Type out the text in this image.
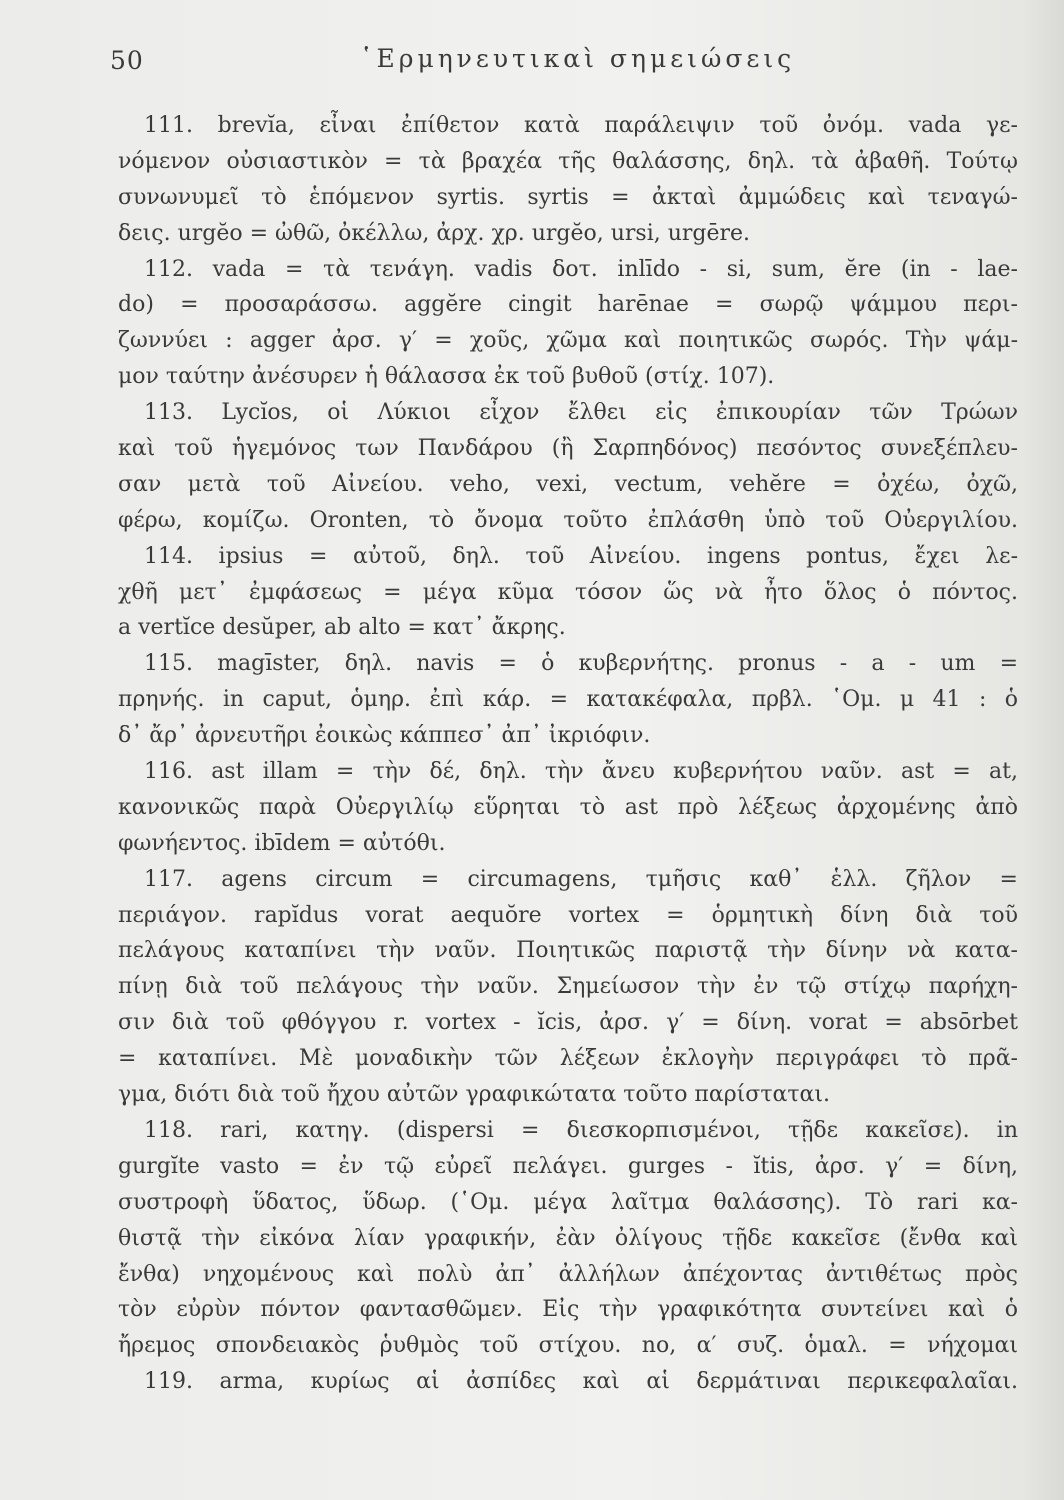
50	῾Ερμηνευτικαὶ σημειώσεις
111. brevĭa, εἶναι ἐπίθετον κατὰ παράλειψιν τοῦ ὀνόμ. vada γε-
νόμενον οὐσιαστικὸν = τὰ βραχέα τῆς θαλάσσης, δηλ. τὰ ἀβαθῆ. Τούτῳ
συνωνυμεῖ τὸ ἑπόμενον syrtis. syrtis = ἀκταὶ ἀμμώδεις καὶ τεναγώ-
δεις. urgĕo = ὠθῶ, ὀκέλλω, ἀρχ. χρ. urgĕo, ursi, urgēre.
112. vada = τὰ τενάγη. vadis δοτ. inlīdo - si, sum, ĕre (in - lae-
do) = προσαράσσω. aggĕre cingit harēnae = σωρῷ ψάμμου περι-
ζωννύει : agger ἀρσ. γ′ = χοῦς, χῶμα καὶ ποιητικῶς σωρός. Τὴν ψάμ-
μον ταύτην ἀνέσυρεν ἡ θάλασσα ἐκ τοῦ βυθοῦ (στίχ. 107).
113. Lycĭos, οἱ Λύκιοι εἶχον ἔλθει εἰς ἐπικουρίαν τῶν Τρώων
καὶ τοῦ ἡγεμόνος των Πανδάρου (ἢ Σαρπηδόνος) πεσόντος συνεξέπλευ-
σαν μετὰ τοῦ Αἰνείου. veho, vexi, vectum, vehĕre = ὀχέω, ὀχῶ,
φέρω, κομίζω. Oronten, τὸ ὄνομα τοῦτο ἐπλάσθη ὑπὸ τοῦ Οὐεργιλίου.
114. ipsius = αὐτοῦ, δηλ. τοῦ Αἰνείου. ingens pontus, ἔχει λε-
χθῆ μετ᾿ ἐμφάσεως = μέγα κῦμα τόσον ὥς νὰ ἦτο ὅλος ὁ πόντος.
a vertĭce desŭper, ab alto = κατ᾿ ἄκρης.
115. magīster, δηλ. navis = ὁ κυβερνήτης. pronus - a - um =
πρηνής. in caput, ὁμηρ. ἐπὶ κάρ. = κατακέφαλα, πρβλ. ῾Ομ. μ 41 : ὁ
δ᾿ ἄρ᾿ ἀρνευτῆρι ἐοικὼς κάππεσ᾿ ἀπ᾿ ἰκριόφιν.
116. ast illam = τὴν δέ, δηλ. τὴν ἄνευ κυβερνήτου ναῦν. ast = at,
κανονικῶς παρὰ Οὐεργιλίῳ εὕρηται τὸ ast πρὸ λέξεως ἀρχομένης ἀπὸ
φωνήεντος. ibīdem = αὐτόθι.
117. agens circum = circumagens, τμῆσις καθ᾿ ἑλλ. ζῆλον =
περιάγον. rapĭdus vorat aequŏre vortex = ὁρμητικὴ δίνη διὰ τοῦ
πελάγους καταπίνει τὴν ναῦν. Ποιητικῶς παριστᾷ τὴν δίνην νὰ κατα-
πίνῃ διὰ τοῦ πελάγους τὴν ναῦν. Σημείωσον τὴν ἐν τῷ στίχῳ παρήχη-
σιν διὰ τοῦ φθόγγου r. vortex - ĭcis, ἀρσ. γ′ = δίνη. vorat = absōrbet
= καταπίνει. Μὲ μοναδικὴν τῶν λέξεων ἐκλογὴν περιγράφει τὸ πρᾶ-
γμα, διότι διὰ τοῦ ἤχου αὐτῶν γραφικώτατα τοῦτο παρίσταται.
118. rari, κατηγ. (dispersi = διεσκορπισμένοι, τῇδε κακεῖσε). in
gurgĭte vasto = ἐν τῷ εὐρεῖ πελάγει. gurges - ĭtis, ἀρσ. γ′ = δίνη,
συστροφὴ ὕδατος, ὕδωρ. (῾Ομ. μέγα λαῖτμα θαλάσσης). Τὸ rari κα-
θιστᾷ τὴν εἰκόνα λίαν γραφικήν, ἐὰν ὀλίγους τῇδε κακεῖσε (ἔνθα καὶ
ἔνθα) νηχομένους καὶ πολὺ ἀπ᾿ ἀλλήλων ἀπέχοντας ἀντιθέτως πρὸς
τὸν εὐρὺν πόντον φαντασθῶμεν. Εἰς τὴν γραφικότητα συντείνει καὶ ὁ
ἤρεμος σπονδειακὸς ῥυθμὸς τοῦ στίχου. no, α′ συζ. ὁμαλ. = νήχομαι
119. arma, κυρίως αἱ ἀσπίδες καὶ αἱ δερμάτιναι περικεφαλαῖαι.
